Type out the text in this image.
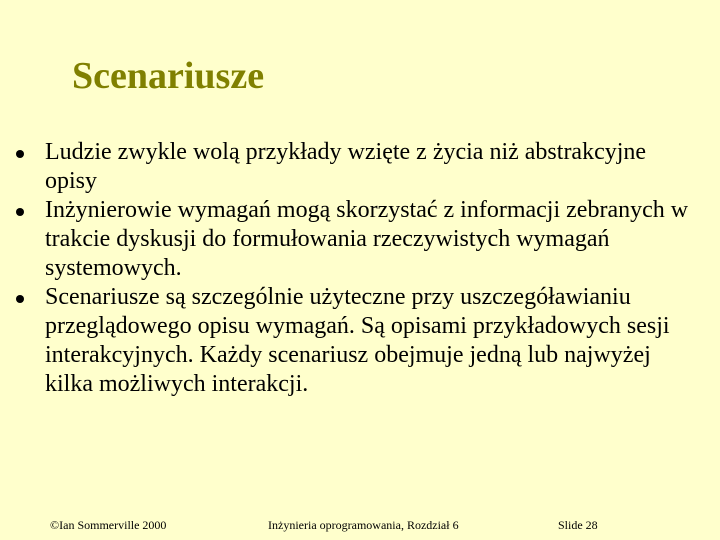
Scenariusze
Ludzie zwykle wolą przykłady wzięte z życia niż abstrakcyjne opisy
Inżynierowie wymagań mogą skorzystać z informacji zebranych w trakcie dyskusji do formułowania rzeczywistych wymagań systemowych.
Scenariusze są szczególnie użyteczne przy uszczegóławianiu przeglądowego opisu wymagań. Są opisami przykładowych sesji interakcyjnych. Każdy scenariusz obejmuje jedną lub najwyżej kilka możliwych interakcji.
©Ian Sommerville 2000	Inżynieria oprogramowania, Rozdział 6	Slide 28
